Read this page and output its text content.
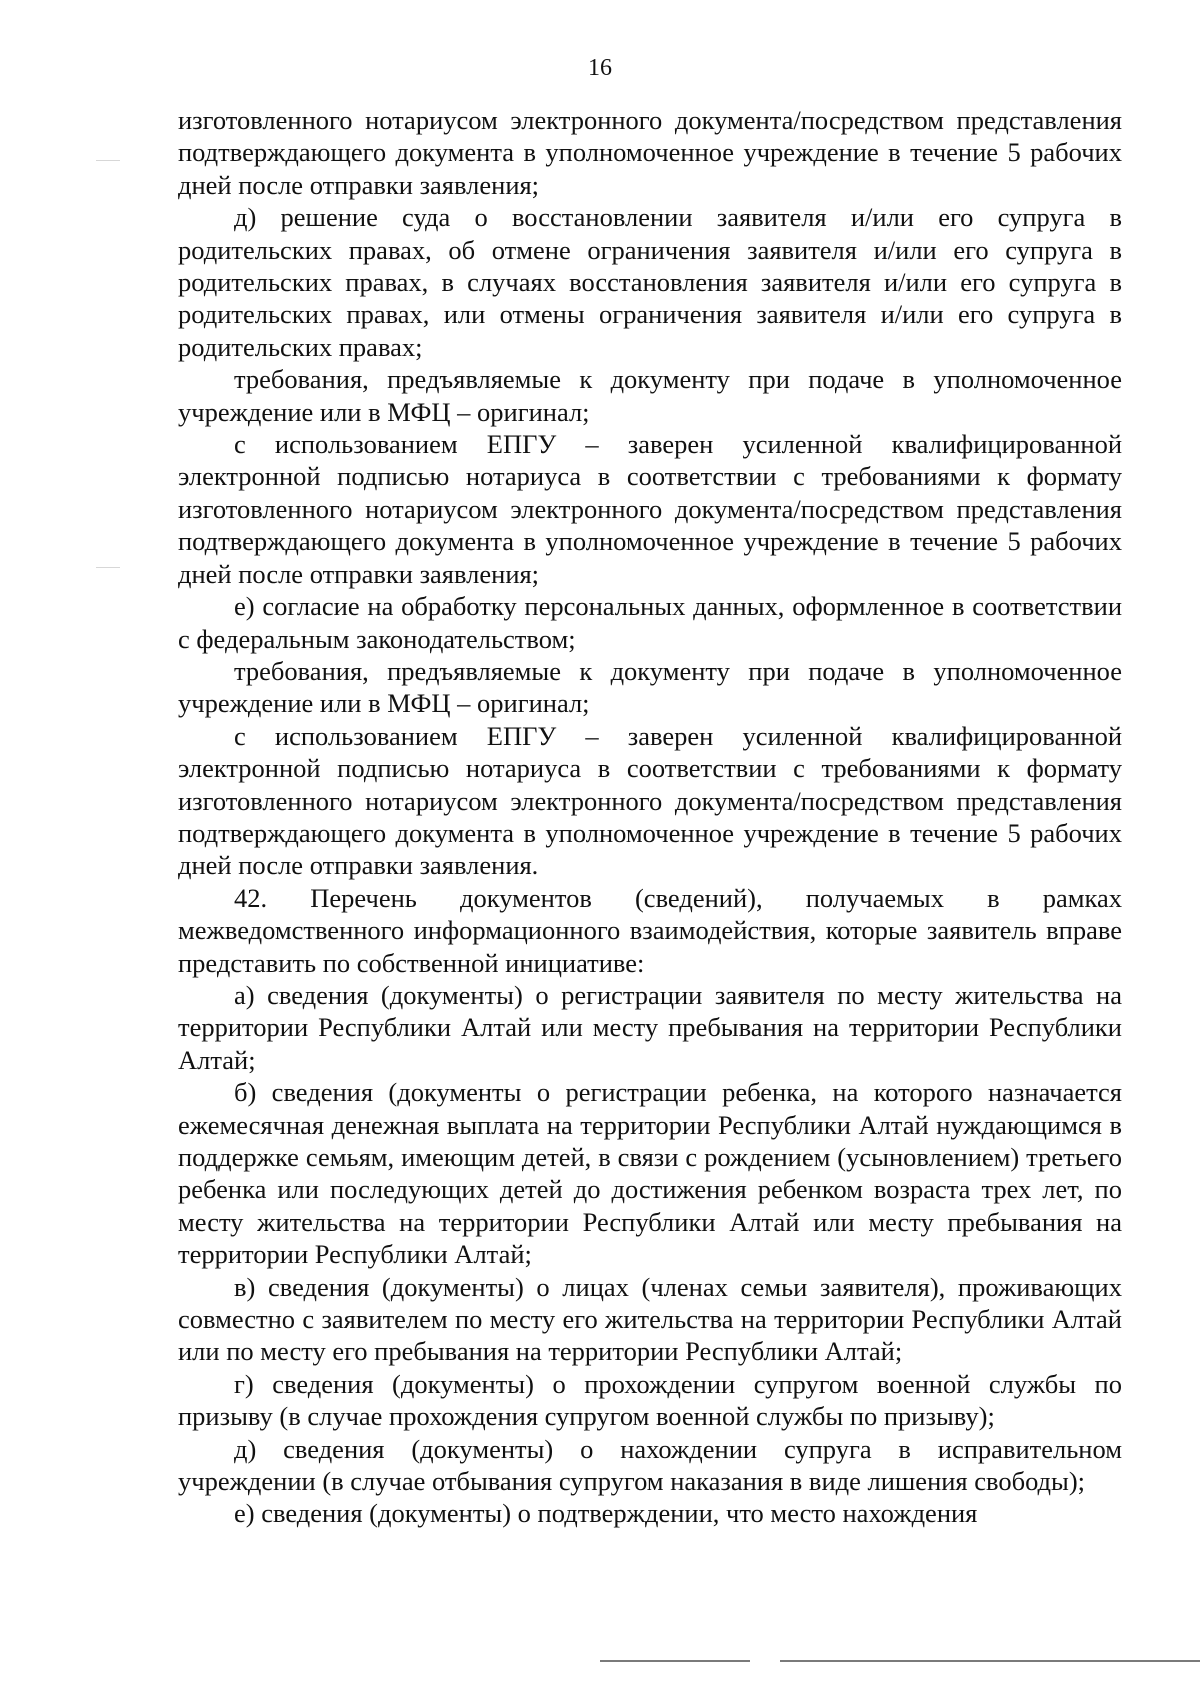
16

изготовленного нотариусом электронного документа/посредством представления подтверждающего документа в уполномоченное учреждение в течение 5 рабочих дней после отправки заявления;

д) решение суда о восстановлении заявителя и/или его супруга в родительских правах, об отмене ограничения заявителя и/или его супруга в родительских правах, в случаях восстановления заявителя и/или его супруга в родительских правах, или отмены ограничения заявителя и/или его супруга в родительских правах;

требования, предъявляемые к документу при подаче в уполномоченное учреждение или в МФЦ – оригинал;

с использованием ЕПГУ – заверен усиленной квалифицированной электронной подписью нотариуса в соответствии с требованиями к формату изготовленного нотариусом электронного документа/посредством представления подтверждающего документа в уполномоченное учреждение в течение 5 рабочих дней после отправки заявления;

е) согласие на обработку персональных данных, оформленное в соответствии с федеральным законодательством;

требования, предъявляемые к документу при подаче в уполномоченное учреждение или в МФЦ – оригинал;

с использованием ЕПГУ – заверен усиленной квалифицированной электронной подписью нотариуса в соответствии с требованиями к формату изготовленного нотариусом электронного документа/посредством представления подтверждающего документа в уполномоченное учреждение в течение 5 рабочих дней после отправки заявления.

42. Перечень документов (сведений), получаемых в рамках межведомственного информационного взаимодействия, которые заявитель вправе представить по собственной инициативе:

а) сведения (документы) о регистрации заявителя по месту жительства на территории Республики Алтай или месту пребывания на территории Республики Алтай;

б) сведения (документы о регистрации ребенка, на которого назначается ежемесячная денежная выплата на территории Республики Алтай нуждающимся в поддержке семьям, имеющим детей, в связи с рождением (усыновлением) третьего ребенка или последующих детей до достижения ребенком возраста трех лет, по месту жительства на территории Республики Алтай или месту пребывания на территории Республики Алтай;

в) сведения (документы) о лицах (членах семьи заявителя), проживающих совместно с заявителем по месту его жительства на территории Республики Алтай или по месту его пребывания на территории Республики Алтай;

г) сведения (документы) о прохождении супругом военной службы по призыву (в случае прохождения супругом военной службы по призыву);

д) сведения (документы) о нахождении супруга в исправительном учреждении (в случае отбывания супругом наказания в виде лишения свободы);

е) сведения (документы) о подтверждении, что место нахождения
